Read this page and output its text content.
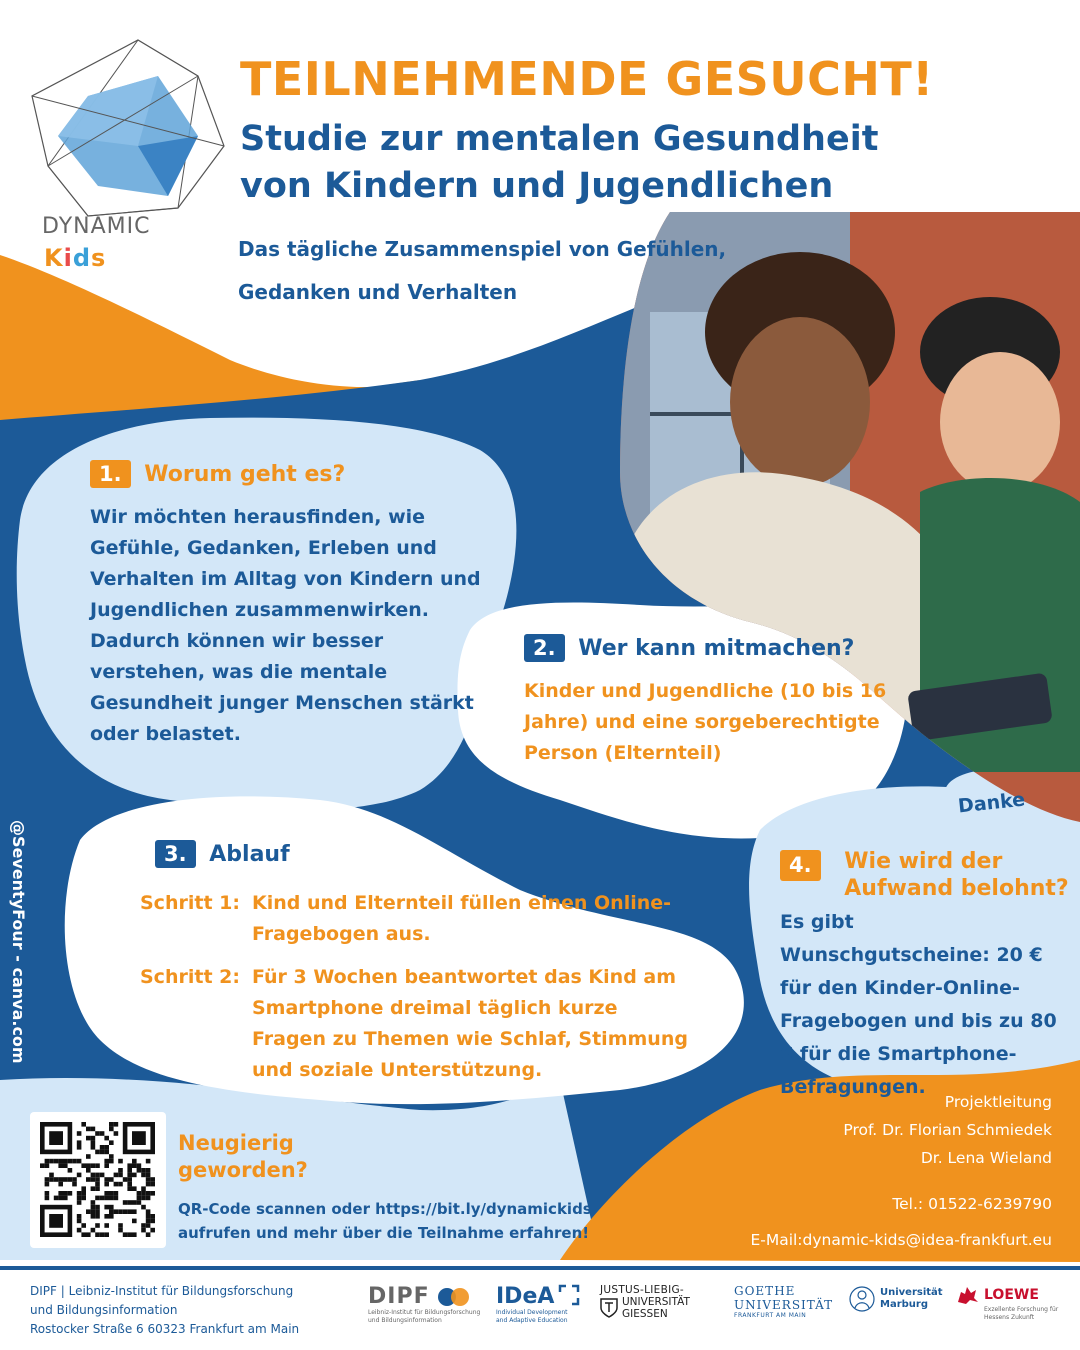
DYNAMIC
Kids
TEILNEHMENDE GESUCHT!
Studie zur mentalen Gesundheit
von Kindern und Jugendlichen
Das tägliche Zusammenspiel von Gefühlen,
Gedanken und Verhalten
1. Worum geht es?
Wir möchten herausfinden, wie Gefühle, Gedanken, Erleben und Verhalten im Alltag von Kindern und Jugendlichen zusammenwirken. Dadurch können wir besser verstehen, was die mentale Gesundheit junger Menschen stärkt oder belastet.
2. Wer kann mitmachen?
Kinder und Jugendliche (10 bis 16 Jahre) und eine sorgeberechtigte Person (Elternteil)
3. Ablauf
Schritt 1: Kind und Elternteil füllen einen Online-Fragebogen aus.
Schritt 2: Für 3 Wochen beantwortet das Kind am Smartphone dreimal täglich kurze Fragen zu Themen wie Schlaf, Stimmung und soziale Unterstützung.
Danke
4. Wie wird der
Aufwand belohnt?
Es gibt Wunschgutscheine: 20 € für den Kinder-Online-Fragebogen und bis zu 80 € für die Smartphone-Befragungen.
Neugierig
geworden?
QR-Code scannen oder https://bit.ly/dynamickids
aufrufen und mehr über die Teilnahme erfahren!
Projektleitung
Prof. Dr. Florian Schmiedek
Dr. Lena Wieland
Tel.: 01522-6239790
E-Mail:dynamic-kids@idea-frankfurt.eu
@SeventyFour - canva.com
DIPF | Leibniz-Institut für Bildungsforschung
und Bildungsinformation
Rostocker Straße 6 60323 Frankfurt am Main
DIPF
Leibniz-Institut für Bildungsforschung
und Bildungsinformation
IDeA
Individual Development
and Adaptive Education
JUSTUS-LIEBIG-
UNIVERSITÄT
GIESSEN
GOETHE
UNIVERSITÄT
FRANKFURT AM MAIN
Universität
Marburg
LOEWE
Exzellente Forschung für
Hessens Zukunft
